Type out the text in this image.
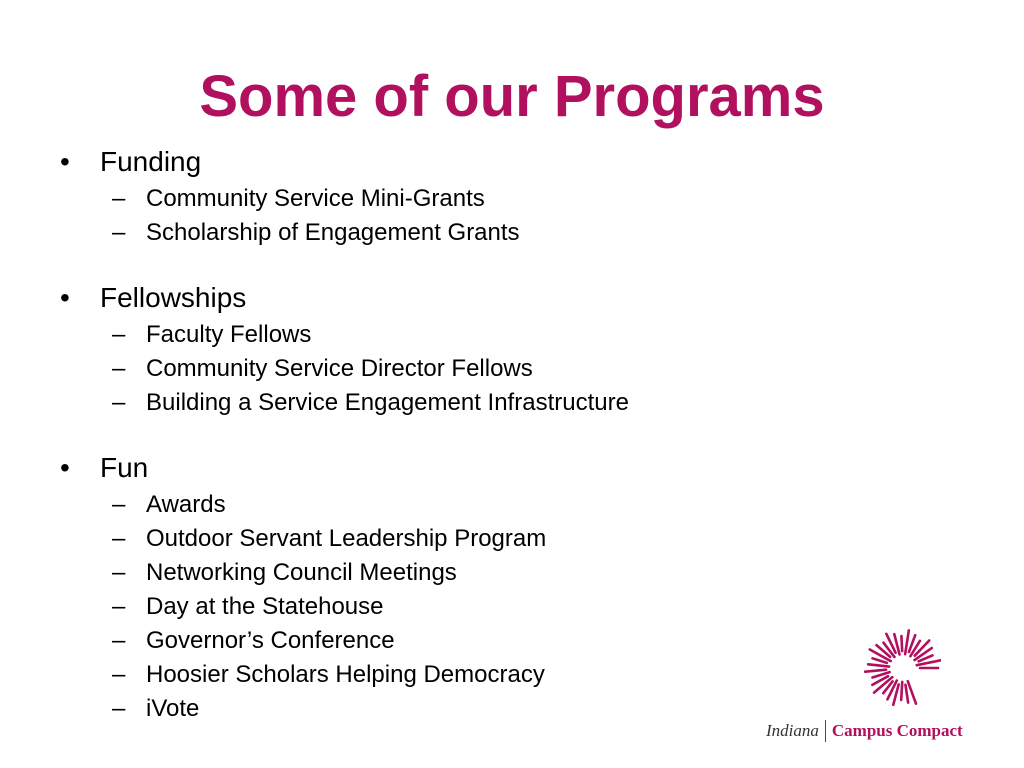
Some of our Programs
•	Funding
– Community Service Mini-Grants
– Scholarship of Engagement Grants
•	Fellowships
– Faculty Fellows
– Community Service Director Fellows
– Building a Service Engagement Infrastructure
•	Fun
– Awards
– Outdoor Servant Leadership Program
– Networking Council Meetings
– Day at the Statehouse
– Governor’s Conference
– Hoosier Scholars Helping Democracy
– iVote
Indiana Campus Compact
